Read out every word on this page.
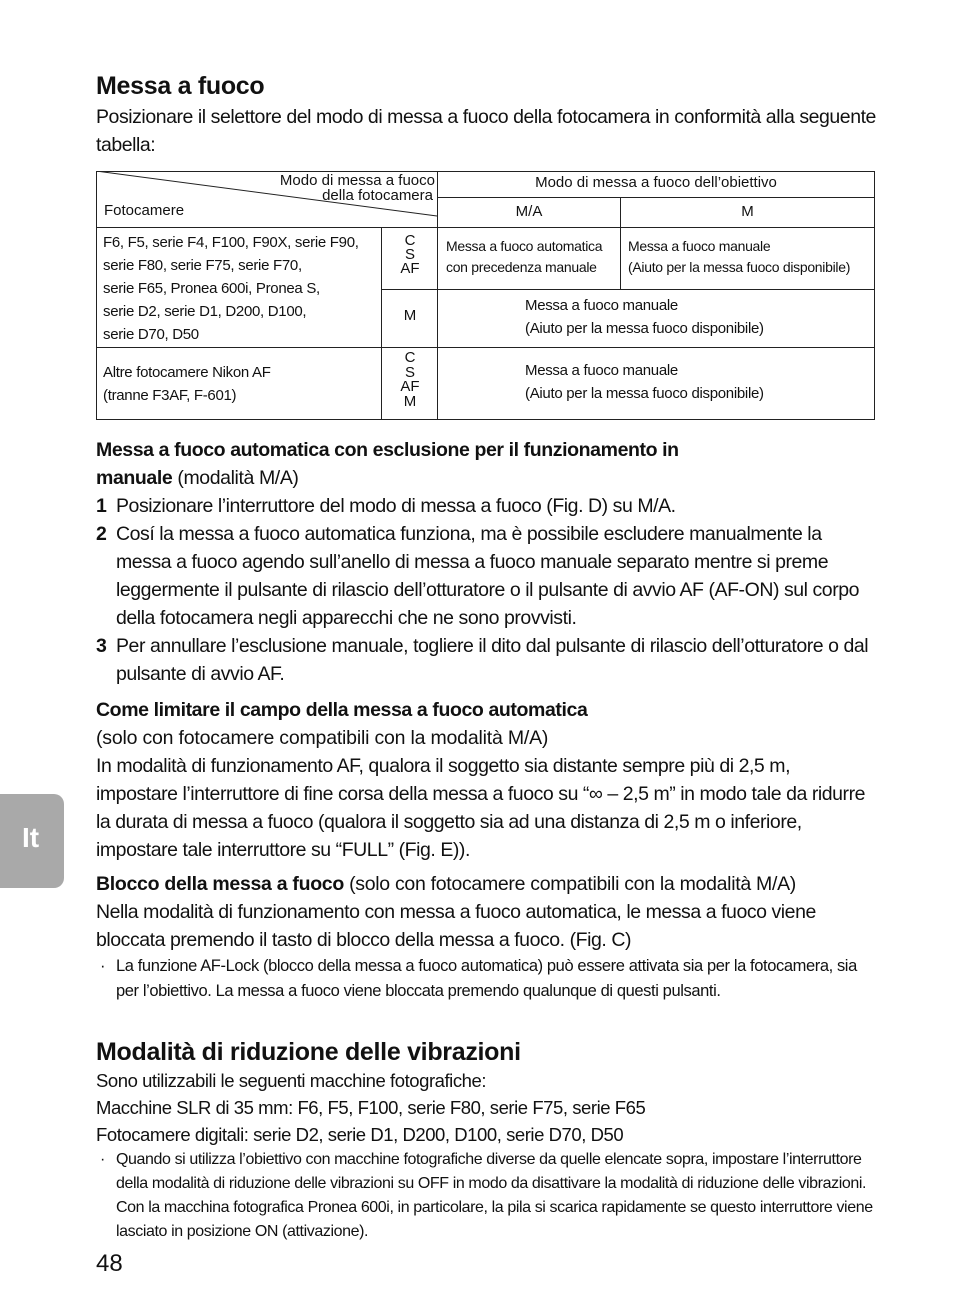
Messa a fuoco

Posizionare il selettore del modo di messa a fuoco della fotocamera in conformità alla seguente tabella:

Modo di messa a fuoco
della fotocamera
Fotocamere
Modo di messa a fuoco dell’obiettivo
M/A	M
F6, F5, serie F4, F100, F90X, serie F90,
serie F80, serie F75, serie F70,
serie F65, Pronea 600i, Pronea S,
serie D2, serie D1, D200, D100,
serie D70, D50
C
S
AF
M
Messa a fuoco automatica
con precedenza manuale
Messa a fuoco manuale
(Aiuto per la messa fuoco disponibile)
Messa a fuoco manuale
(Aiuto per la messa fuoco disponibile)
Altre fotocamere Nikon AF
(tranne F3AF, F-601)
C
S
AF
M
Messa a fuoco manuale
(Aiuto per la messa fuoco disponibile)

Messa a fuoco automatica con esclusione per il funzionamento in
manuale (modalità M/A)

1 Posizionare l’interruttore del modo di messa a fuoco (Fig. D) su M/A.
2 Cosí la messa a fuoco automatica funziona, ma è possibile escludere manualmente la messa a fuoco agendo sull’anello di messa a fuoco manuale separato mentre si preme leggermente il pulsante di rilascio dell’otturatore o il pulsante di avvio AF (AF-ON) sul corpo della fotocamera negli apparecchi che ne sono provvisti.
3 Per annullare l’esclusione manuale, togliere il dito dal pulsante di rilascio dell’otturatore o dal pulsante di avvio AF.

Come limitare il campo della messa a fuoco automatica

(solo con fotocamere compatibili con la modalità M/A)

In modalità di funzionamento AF, qualora il soggetto sia distante sempre più di 2,5 m, impostare l’interruttore di fine corsa della messa a fuoco su “∞ – 2,5 m” in modo tale da ridurre la durata di messa a fuoco (qualora il soggetto sia ad una distanza di 2,5 m o inferiore, impostare tale interruttore su “FULL” (Fig. E)).

Blocco della messa a fuoco (solo con fotocamere compatibili con la modalità M/A)

Nella modalità di funzionamento con messa a fuoco automatica, le messa a fuoco viene bloccata premendo il tasto di blocco della messa a fuoco. (Fig. C)

· La funzione AF-Lock (blocco della messa a fuoco automatica) può essere attivata sia per la fotocamera, sia per l’obiettivo. La messa a fuoco viene bloccata premendo qualunque di questi pulsanti.
Modalità di riduzione delle vibrazioni

Sono utilizzabili le seguenti macchine fotografiche:

Macchine SLR di 35 mm: F6, F5, F100, serie F80, serie F75, serie F65

Fotocamere digitali: serie D2, serie D1, D200, D100, serie D70, D50

· Quando si utilizza l’obiettivo con macchine fotografiche diverse da quelle elencate sopra, impostare l’interruttore della modalità di riduzione delle vibrazioni su OFF in modo da disattivare la modalità di riduzione delle vibrazioni. Con la macchina fotografica Pronea 600i, in particolare, la pila si scarica rapidamente se questo interruttore viene lasciato in posizione ON (attivazione).
It
48
